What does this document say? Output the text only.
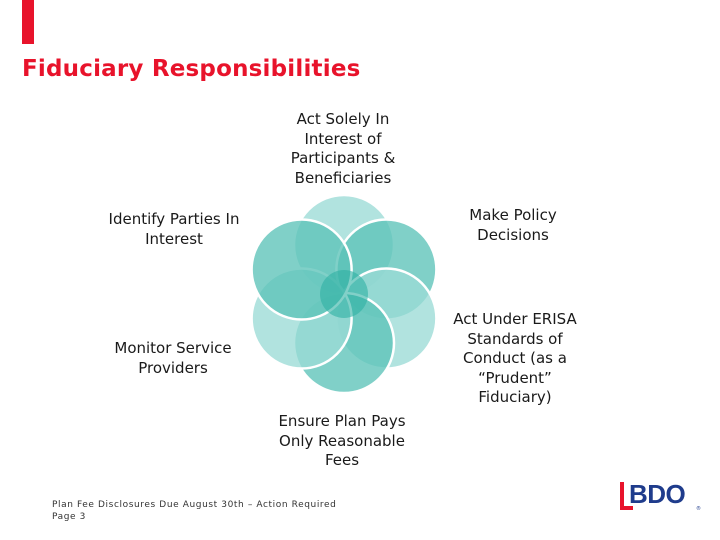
Fiduciary Responsibilities
Act Solely In Interest of Participants & Beneficiaries
Make Policy Decisions
Act Under ERISA Standards of Conduct (as a “Prudent” Fiduciary)
Ensure Plan Pays Only Reasonable Fees
Monitor Service Providers
Identify Parties In Interest
Plan Fee Disclosures Due August 30th – Action Required
Page 3
BDO ®
